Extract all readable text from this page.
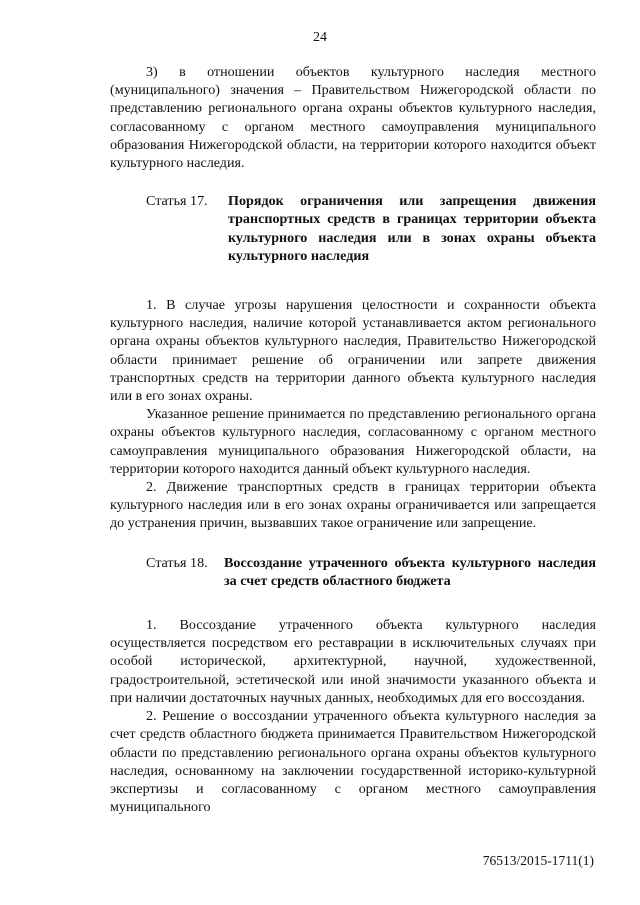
24

3) в отношении объектов культурного наследия местного (муниципального) значения – Правительством Нижегородской области по представлению регионального органа охраны объектов культурного наследия, согласованному с органом местного самоуправления муниципального образования Нижегородской области, на территории которого находится объект культурного наследия.

Статья 17.	Порядок ограничения или запрещения движения транспортных средств в границах территории объекта культурного наследия или в зонах охраны объекта культурного наследия

1. В случае угрозы нарушения целостности и сохранности объекта культурного наследия, наличие которой устанавливается актом регионального органа охраны объектов культурного наследия, Правительство Нижегородской области принимает решение об ограничении или запрете движения транспортных средств на территории данного объекта культурного наследия или в его зонах охраны.

Указанное решение принимается по представлению регионального органа охраны объектов культурного наследия, согласованному с органом местного самоуправления муниципального образования Нижегородской области, на территории которого находится данный объект культурного наследия.

2. Движение транспортных средств в границах территории объекта культурного наследия или в его зонах охраны ограничивается или запрещается до устранения причин, вызвавших такое ограничение или запрещение.

Статья 18.	Воссоздание утраченного объекта культурного наследия за счет средств областного бюджета

1. Воссоздание утраченного объекта культурного наследия осуществляется посредством его реставрации в исключительных случаях при особой исторической, архитектурной, научной, художественной, градостроительной, эстетической или иной значимости указанного объекта и при наличии достаточных научных данных, необходимых для его воссоздания.

2. Решение о воссоздании утраченного объекта культурного наследия за счет средств областного бюджета принимается Правительством Нижегородской области по представлению регионального органа охраны объектов культурного наследия, основанному на заключении государственной историко-культурной экспертизы и согласованному с органом местного самоуправления муниципального

76513/2015-1711(1)
